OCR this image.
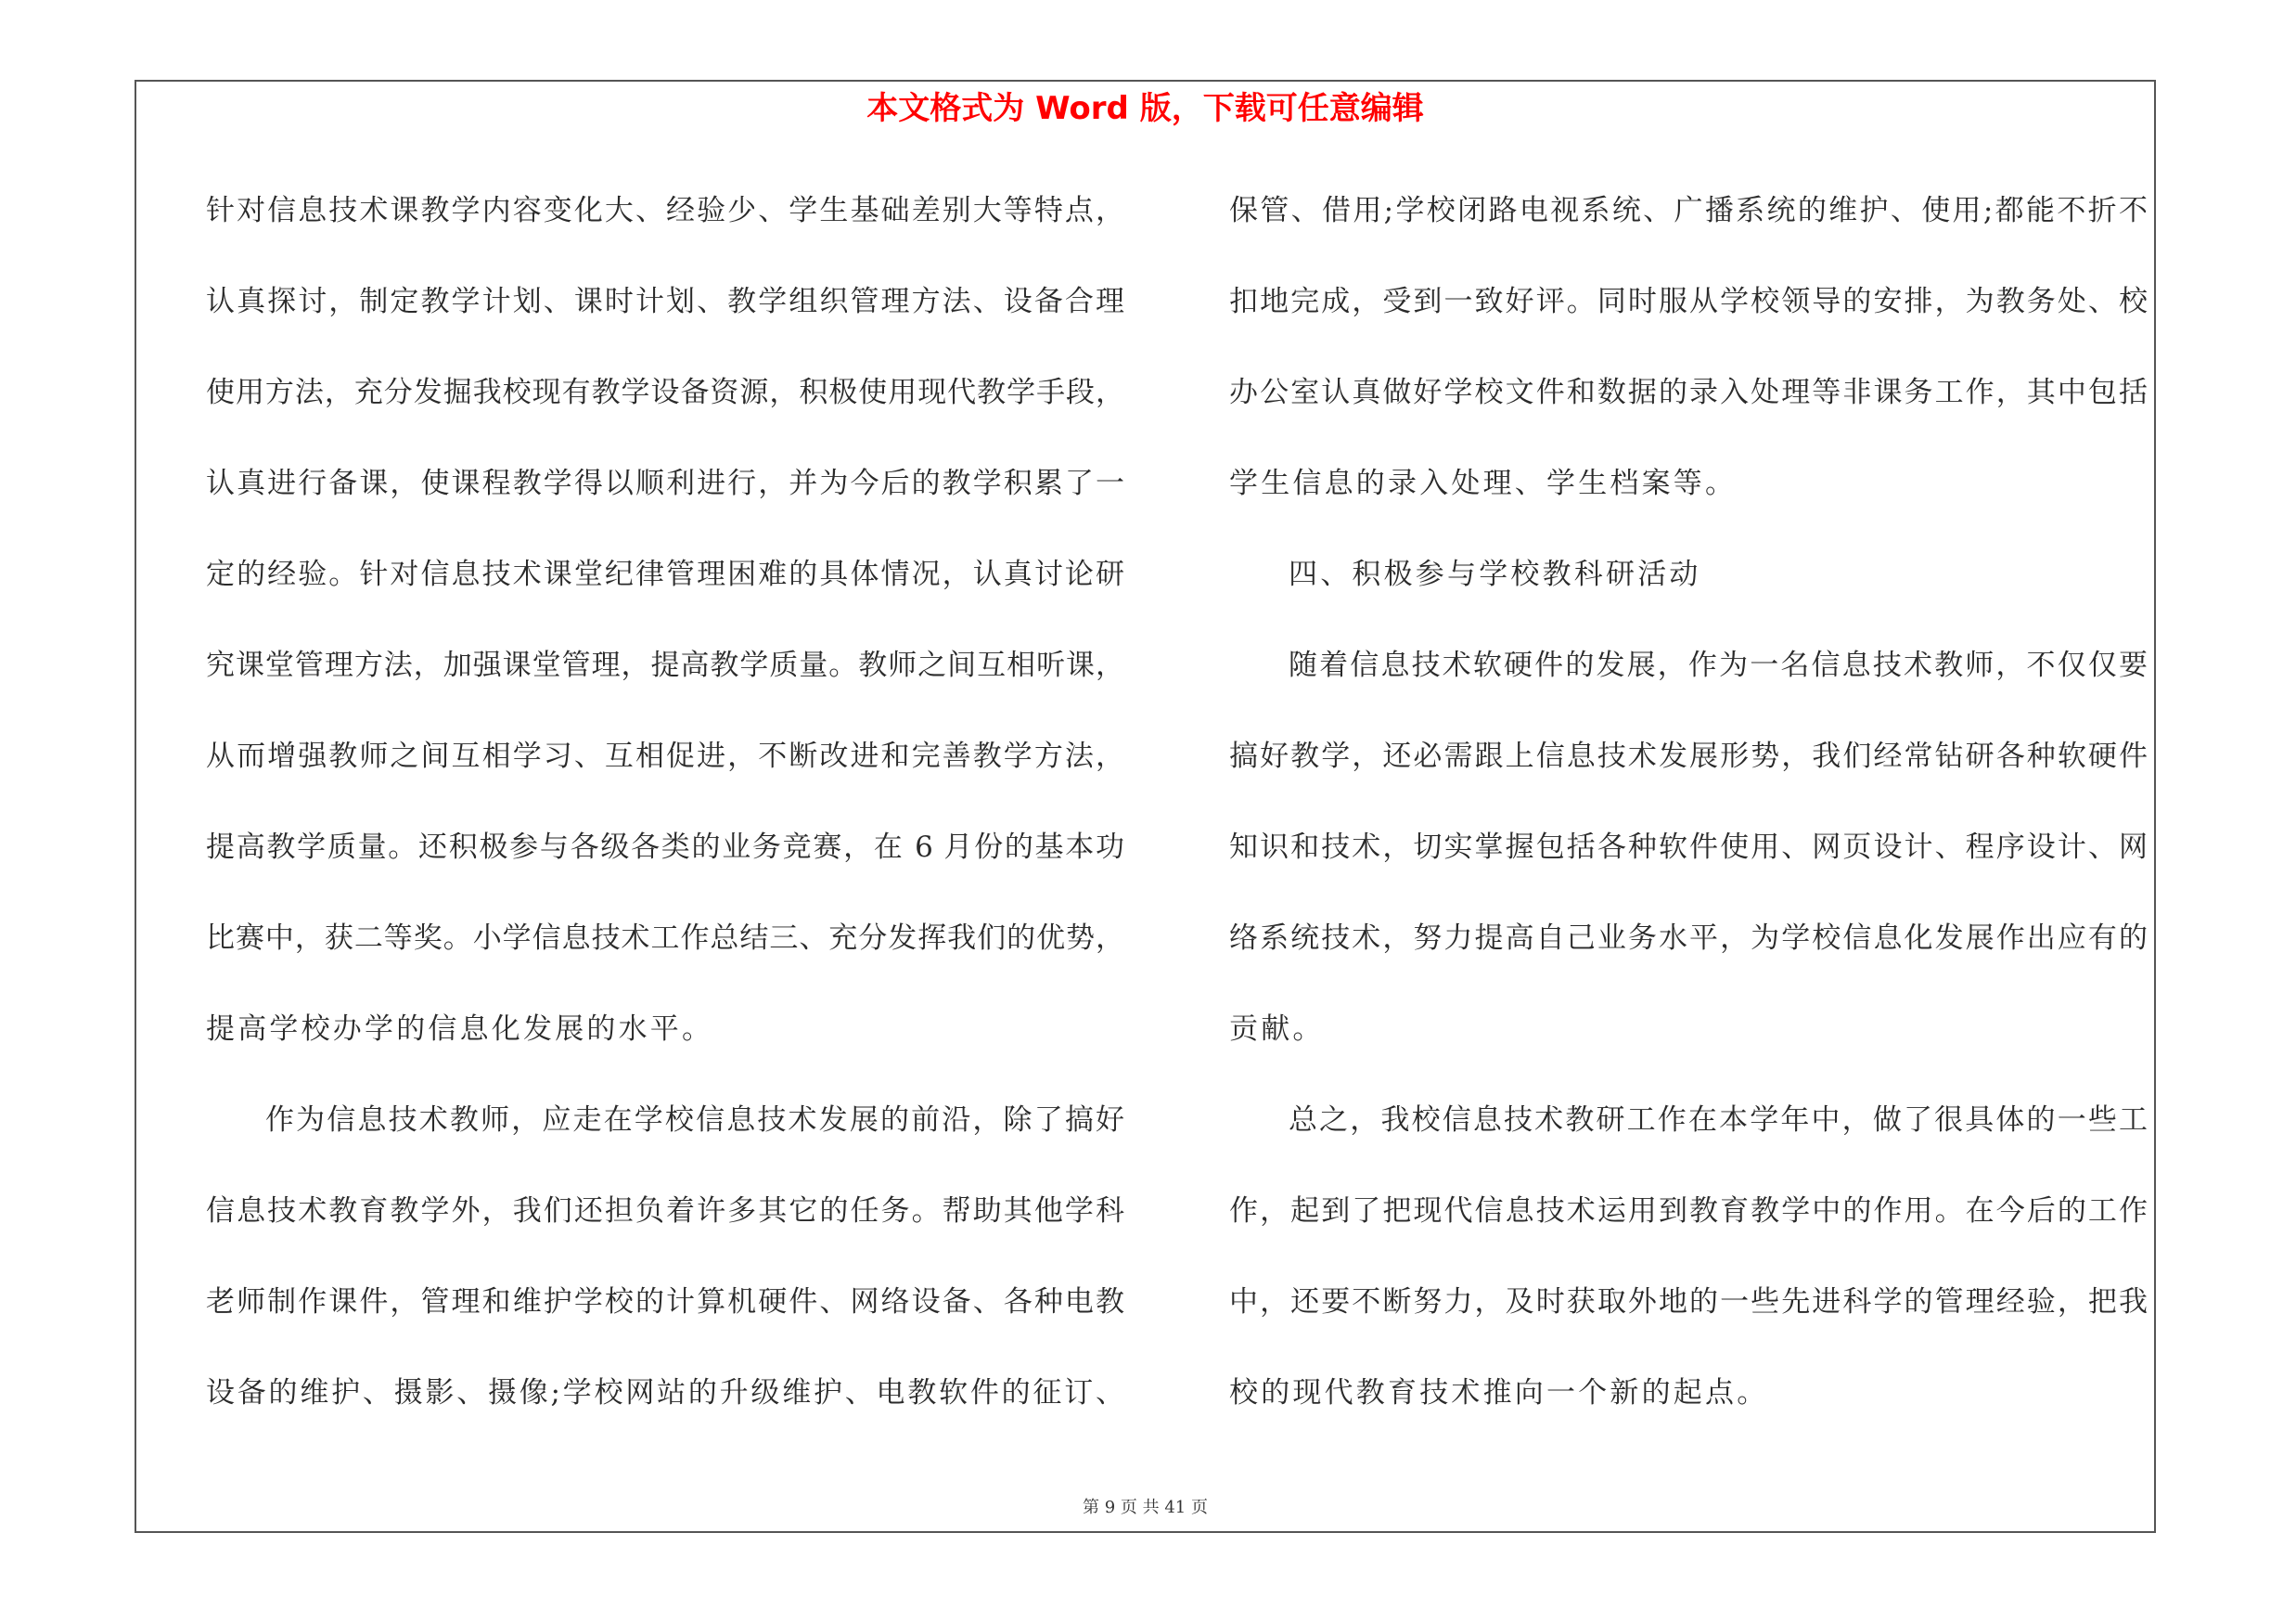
本文格式为 Word 版，下载可任意编辑
针对信息技术课教学内容变化大、经验少、学生基础差别大等特点，
认真探讨，制定教学计划、课时计划、教学组织管理方法、设备合理
使用方法，充分发掘我校现有教学设备资源，积极使用现代教学手段，
认真进行备课，使课程教学得以顺利进行，并为今后的教学积累了一
定的经验。针对信息技术课堂纪律管理困难的具体情况，认真讨论研
究课堂管理方法，加强课堂管理，提高教学质量。教师之间互相听课，
从而增强教师之间互相学习、互相促进，不断改进和完善教学方法，
提高教学质量。还积极参与各级各类的业务竞赛，在 6 月份的基本功
比赛中，获二等奖。小学信息技术工作总结三、充分发挥我们的优势，
提高学校办学的信息化发展的水平。
作为信息技术教师，应走在学校信息技术发展的前沿，除了搞好
信息技术教育教学外，我们还担负着许多其它的任务。帮助其他学科
老师制作课件，管理和维护学校的计算机硬件、网络设备、各种电教
设备的维护、摄影、摄像;学校网站的升级维护、电教软件的征订、
保管、借用;学校闭路电视系统、广播系统的维护、使用;都能不折不
扣地完成，受到一致好评。同时服从学校领导的安排，为教务处、校
办公室认真做好学校文件和数据的录入处理等非课务工作，其中包括
学生信息的录入处理、学生档案等。
四、积极参与学校教科研活动
随着信息技术软硬件的发展，作为一名信息技术教师，不仅仅要
搞好教学，还必需跟上信息技术发展形势，我们经常钻研各种软硬件
知识和技术，切实掌握包括各种软件使用、网页设计、程序设计、网
络系统技术，努力提高自己业务水平，为学校信息化发展作出应有的
贡献。
总之，我校信息技术教研工作在本学年中，做了很具体的一些工
作，起到了把现代信息技术运用到教育教学中的作用。在今后的工作
中，还要不断努力，及时获取外地的一些先进科学的管理经验，把我
校的现代教育技术推向一个新的起点。
第 9 页 共 41 页
